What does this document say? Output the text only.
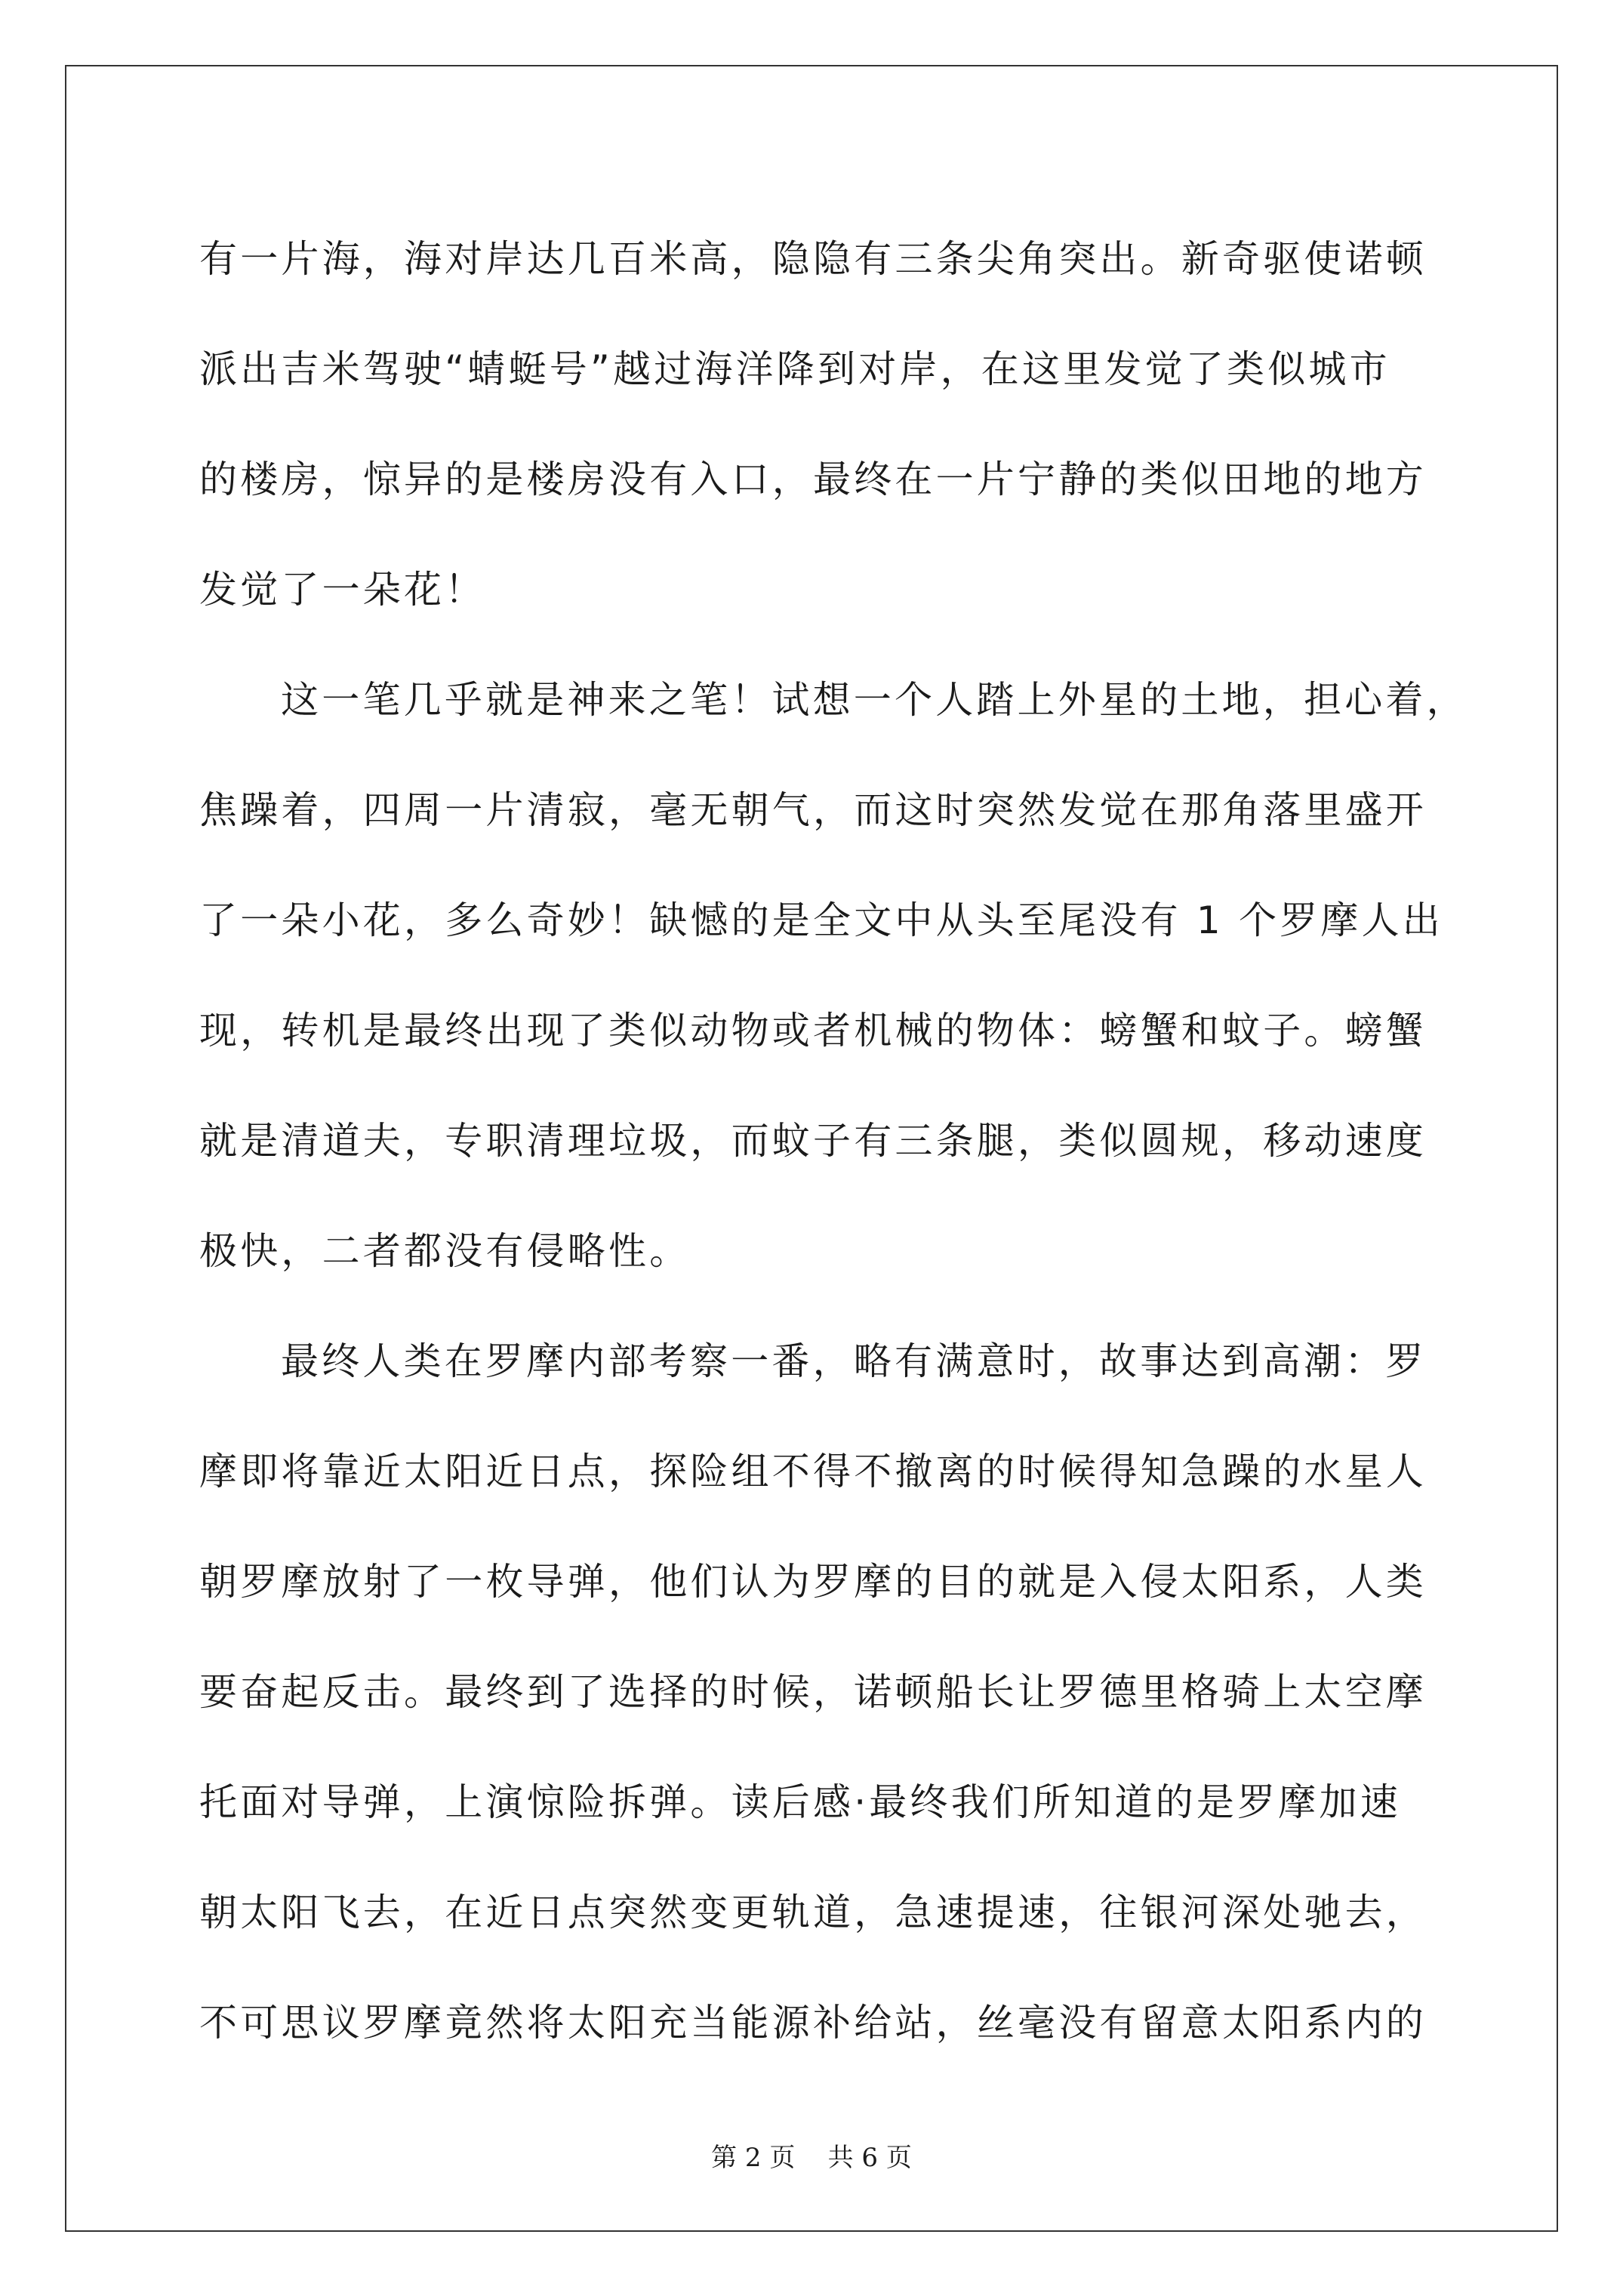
有一片海，海对岸达几百米高，隐隐有三条尖角突出。新奇驱使诺顿
派出吉米驾驶“蜻蜓号”越过海洋降到对岸，在这里发觉了类似城市
的楼房，惊异的是楼房没有入口，最终在一片宁静的类似田地的地方
发觉了一朵花！
这一笔几乎就是神来之笔！试想一个人踏上外星的土地，担心着，
焦躁着，四周一片清寂，毫无朝气，而这时突然发觉在那角落里盛开
了一朵小花，多么奇妙！缺憾的是全文中从头至尾没有 1 个罗摩人出
现，转机是最终出现了类似动物或者机械的物体：螃蟹和蚊子。螃蟹
就是清道夫，专职清理垃圾，而蚊子有三条腿，类似圆规，移动速度
极快，二者都没有侵略性。
最终人类在罗摩内部考察一番，略有满意时，故事达到高潮：罗
摩即将靠近太阳近日点，探险组不得不撤离的时候得知急躁的水星人
朝罗摩放射了一枚导弹，他们认为罗摩的目的就是入侵太阳系，人类
要奋起反击。最终到了选择的时候，诺顿船长让罗德里格骑上太空摩
托面对导弹，上演惊险拆弹。读后感·最终我们所知道的是罗摩加速
朝太阳飞去，在近日点突然变更轨道，急速提速，往银河深处驰去，
不可思议罗摩竟然将太阳充当能源补给站，丝毫没有留意太阳系内的
第 2 页 共 6 页
